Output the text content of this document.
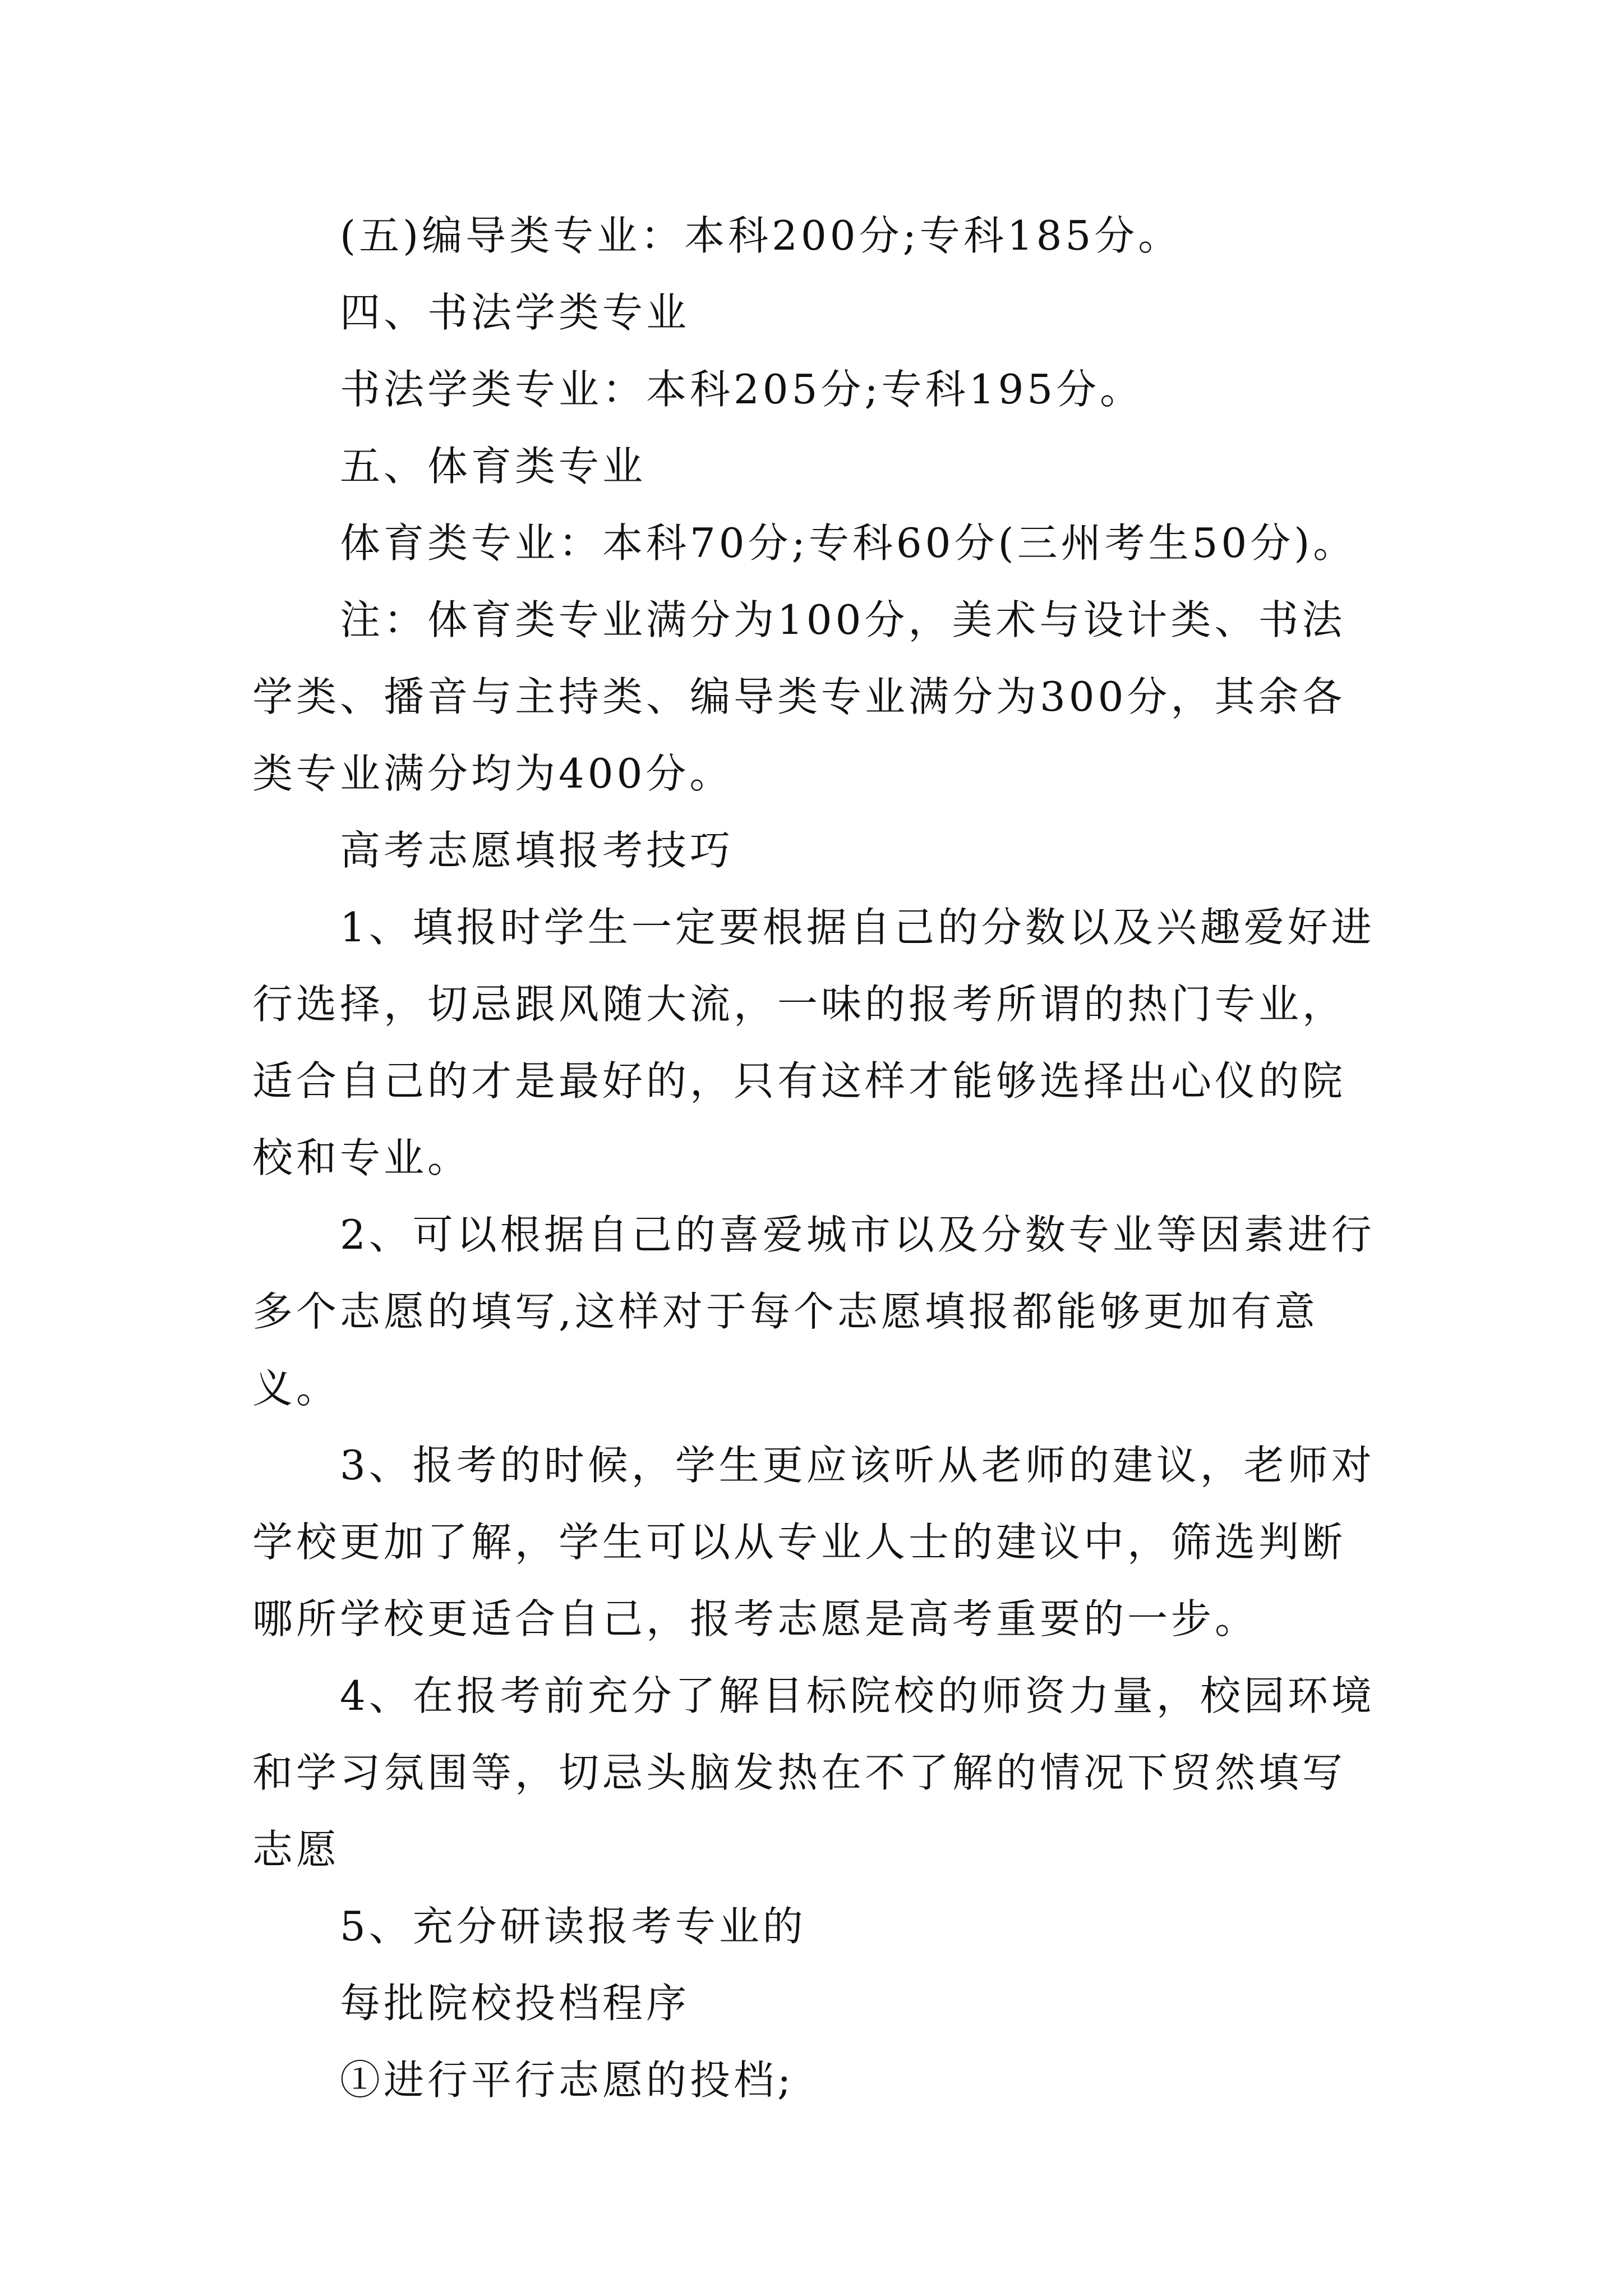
(五)编导类专业：本科200分;专科185分。

四、书法学类专业

书法学类专业：本科205分;专科195分。

五、体育类专业

体育类专业：本科70分;专科60分(三州考生50分)。

注：体育类专业满分为100分，美术与设计类、书法学类、播音与主持类、编导类专业满分为300分，其余各类专业满分均为400分。

高考志愿填报考技巧

1、填报时学生一定要根据自己的分数以及兴趣爱好进行选择，切忌跟风随大流，一味的报考所谓的热门专业，适合自己的才是最好的，只有这样才能够选择出心仪的院校和专业。

2、可以根据自己的喜爱城市以及分数专业等因素进行多个志愿的填写,这样对于每个志愿填报都能够更加有意义。

3、报考的时候，学生更应该听从老师的建议，老师对学校更加了解，学生可以从专业人士的建议中，筛选判断哪所学校更适合自己，报考志愿是高考重要的一步。

4、在报考前充分了解目标院校的师资力量，校园环境和学习氛围等，切忌头脑发热在不了解的情况下贸然填写志愿

5、充分研读报考专业的

每批院校投档程序

①进行平行志愿的投档;
